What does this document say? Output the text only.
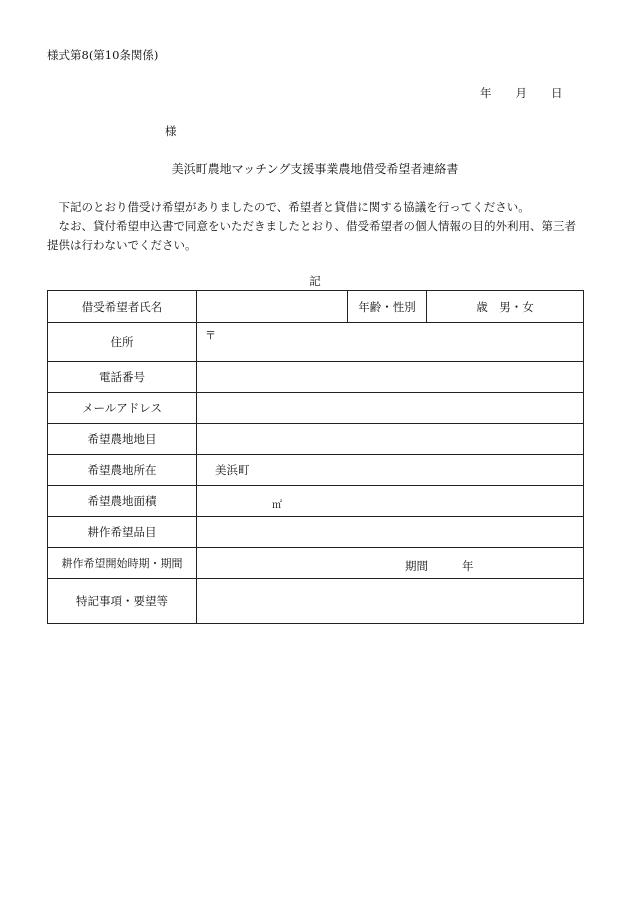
様式第8(第10条関係)
年 月 日
様
美浜町農地マッチング支援事業農地借受希望者連絡書

下記のとおり借受け希望がありましたので、希望者と貸借に関する協議を行ってください。

なお、貸付希望申込書で同意をいただきましたとおり、借受希望者の個人情報の目的外利用、第三者提供は行わないでください。

記
借受希望者氏名		年齢・性別	歳　男・女
住所	〒		

電話番号			
メールアドレス			
希望農地地目			
希望農地所在	美浜町		
希望農地面積	㎡		

耕作希望品目			
耕作希望開始時期・期間	期間 年		

特記事項・要望等			
